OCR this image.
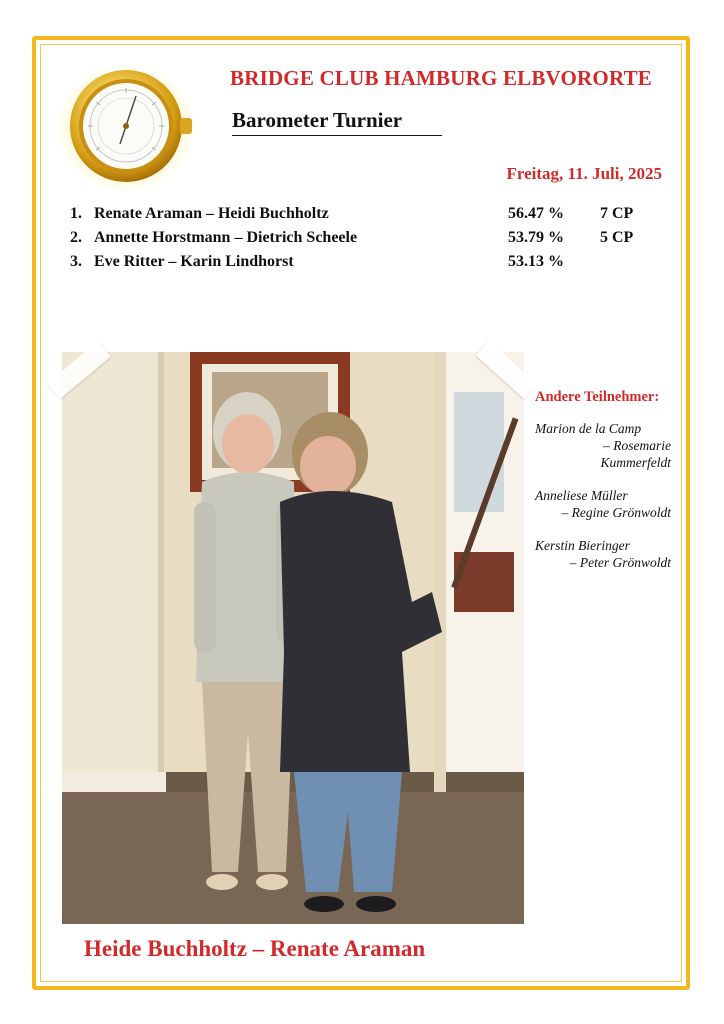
BRIDGE CLUB HAMBURG ELBVORORTE
Barometer Turnier
Freitag, 11. Juli, 2025
1. Renate Araman – Heidi Buchholtz	56.47 % 7 CP
2. Annette Horstmann – Dietrich Scheele	53.79 % 5 CP
3. Eve Ritter – Karin Lindhorst	53.13 %
Andere Teilnehmer:
Marion de la Camp
– Rosemarie Kummerfeldt
Anneliese Müller
– Regine Grönwoldt
Kerstin Bieringer
– Peter Grönwoldt
Heide Buchholtz – Renate Araman
